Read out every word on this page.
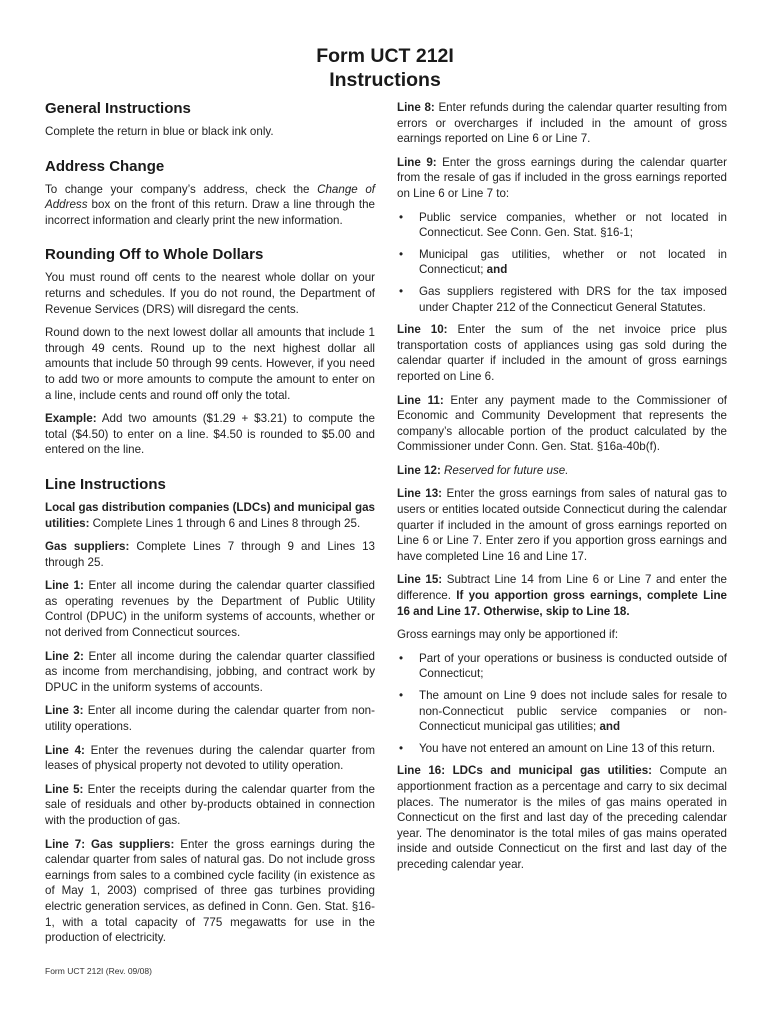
Form UCT 212I
Instructions
General Instructions

Complete the return in blue or black ink only.

Address Change

To change your company’s address, check the Change of Address box on the front of this return. Draw a line through the incorrect information and clearly print the new information.

Rounding Off to Whole Dollars

You must round off cents to the nearest whole dollar on your returns and schedules. If you do not round, the Department of Revenue Services (DRS) will disregard the cents.

Round down to the next lowest dollar all amounts that include 1 through 49 cents. Round up to the next highest dollar all amounts that include 50 through 99 cents. However, if you need to add two or more amounts to compute the amount to enter on a line, include cents and round off only the total.

Example: Add two amounts ($1.29 + $3.21) to compute the total ($4.50) to enter on a line. $4.50 is rounded to $5.00 and entered on the line.

Line Instructions

Local gas distribution companies (LDCs) and municipal gas utilities: Complete Lines 1 through 6 and Lines 8 through 25.

Gas suppliers: Complete Lines 7 through 9 and Lines 13 through 25.

Line 1: Enter all income during the calendar quarter classified as operating revenues by the Department of Public Utility Control (DPUC) in the uniform systems of accounts, whether or not derived from Connecticut sources.

Line 2: Enter all income during the calendar quarter classified as income from merchandising, jobbing, and contract work by DPUC in the uniform systems of accounts.

Line 3: Enter all income during the calendar quarter from non-utility operations.

Line 4: Enter the revenues during the calendar quarter from leases of physical property not devoted to utility operation.

Line 5: Enter the receipts during the calendar quarter from the sale of residuals and other by-products obtained in connection with the production of gas.

Line 7: Gas suppliers: Enter the gross earnings during the calendar quarter from sales of natural gas. Do not include gross earnings from sales to a combined cycle facility (in existence as of May 1, 2003) comprised of three gas turbines providing electric generation services, as defined in Conn. Gen. Stat. §16-1, with a total capacity of 775 megawatts for use in the production of electricity.

Line 8: Enter refunds during the calendar quarter resulting from errors or overcharges if included in the amount of gross earnings reported on Line 6 or Line 7.

Line 9: Enter the gross earnings during the calendar quarter from the resale of gas if included in the gross earnings reported on Line 6 or Line 7 to:

• Public service companies, whether or not located in Connecticut. See Conn. Gen. Stat. §16-1;
• Municipal gas utilities, whether or not located in Connecticut; and
• Gas suppliers registered with DRS for the tax imposed under Chapter 212 of the Connecticut General Statutes.

Line 10: Enter the sum of the net invoice price plus transportation costs of appliances using gas sold during the calendar quarter if included in the amount of gross earnings reported on Line 6.

Line 11: Enter any payment made to the Commissioner of Economic and Community Development that represents the company’s allocable portion of the product calculated by the Commissioner under Conn. Gen. Stat. §16a-40b(f).

Line 12: Reserved for future use.

Line 13: Enter the gross earnings from sales of natural gas to users or entities located outside Connecticut during the calendar quarter if included in the amount of gross earnings reported on Line 6 or Line 7. Enter zero if you apportion gross earnings and have completed Line 16 and Line 17.

Line 15: Subtract Line 14 from Line 6 or Line 7 and enter the difference. If you apportion gross earnings, complete Line 16 and Line 17. Otherwise, skip to Line 18.

Gross earnings may only be apportioned if:

• Part of your operations or business is conducted outside of Connecticut;
• The amount on Line 9 does not include sales for resale to non-Connecticut public service companies or non-Connecticut municipal gas utilities; and
• You have not entered an amount on Line 13 of this return.

Line 16: LDCs and municipal gas utilities: Compute an apportionment fraction as a percentage and carry to six decimal places. The numerator is the miles of gas mains operated in Connecticut on the first and last day of the preceding calendar year. The denominator is the total miles of gas mains operated inside and outside Connecticut on the first and last day of the preceding calendar year.

Form UCT 212I (Rev. 09/08)
